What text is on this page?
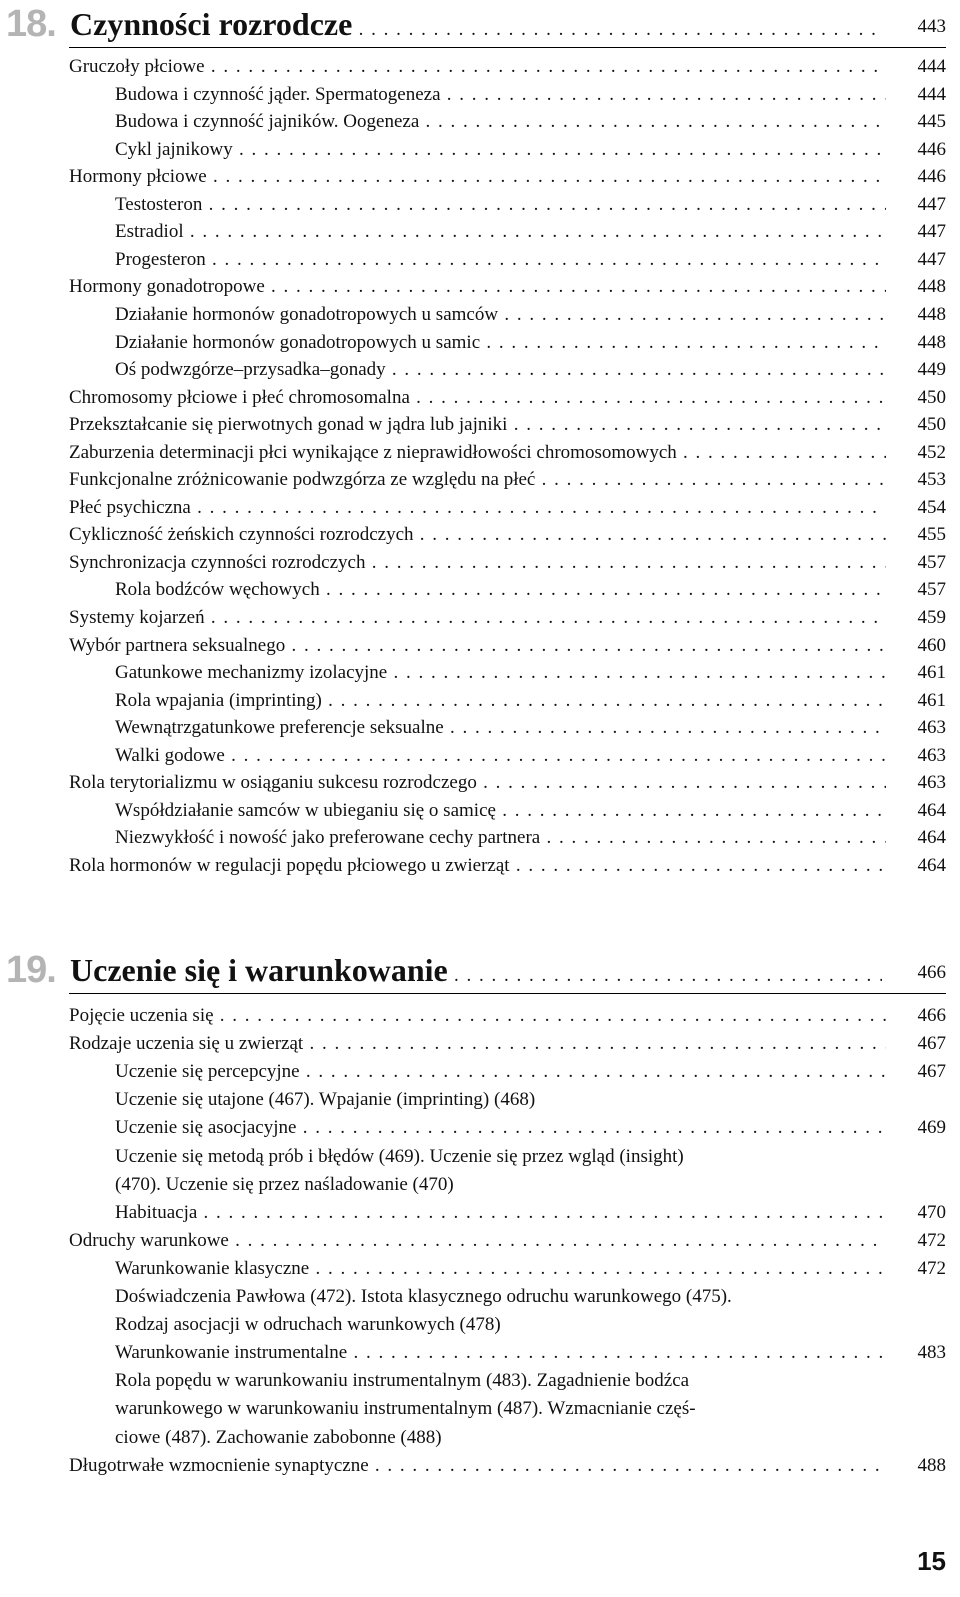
18. Czynności rozrodcze . . .	443
Gruczoły płciowe . . .	444
Budowa i czynność jąder. Spermatogeneza . . .	444
Budowa i czynność jajników. Oogeneza . . .	445
Cykl jajnikowy . . .	446
Hormony płciowe . . .	446
Testosteron . . .	447
Estradiol . . .	447
Progesteron . . .	447
Hormony gonadotropowe . . .	448
Działanie hormonów gonadotropowych u samców . . .	448
Działanie hormonów gonadotropowych u samic . . .	448
Oś podwzgórze–przysadka–gonady . . .	449
Chromosomy płciowe i płeć chromosomalna . . .	450
Przekształcanie się pierwotnych gonad w jądra lub jajniki . . .	450
Zaburzenia determinacji płci wynikające z nieprawidłowości chromosomowych . . .	452
Funkcjonalne zróżnicowanie podwzgórza ze względu na płeć . . .	453
Płeć psychiczna . . .	454
Cykliczność żeńskich czynności rozrodczych . . .	455
Synchronizacja czynności rozrodczych . . .	457
Rola bodźców węchowych . . .	457
Systemy kojarzeń . . .	459
Wybór partnera seksualnego . . .	460
Gatunkowe mechanizmy izolacyjne . . .	461
Rola wpajania (imprinting) . . .	461
Wewnątrzgatunkowe preferencje seksualne . . .	463
Walki godowe . . .	463
Rola terytorializmu w osiąganiu sukcesu rozrodczego . . .	463
Współdziałanie samców w ubieganiu się o samicę . . .	464
Niezwykłość i nowość jako preferowane cechy partnera . . .	464
Rola hormonów w regulacji popędu płciowego u zwierząt . . .	464
19. Uczenie się i warunkowanie . . .	466
Pojęcie uczenia się . . .	466
Rodzaje uczenia się u zwierząt . . .	467
Uczenie się percepcyjne . . .	467
Uczenie się utajone (467). Wpajanie (imprinting) (468)
Uczenie się asocjacyjne . . .	469
Uczenie się metodą prób i błędów (469). Uczenie się przez wgląd (insight)
(470). Uczenie się przez naśladowanie (470)
Habituacja . . .	470
Odruchy warunkowe . . .	472
Warunkowanie klasyczne . . .	472
Doświadczenia Pawłowa (472). Istota klasycznego odruchu warunkowego (475).
Rodzaj asocjacji w odruchach warunkowych (478)
Warunkowanie instrumentalne . . .	483
Rola popędu w warunkowaniu instrumentalnym (483). Zagadnienie bodźca
warunkowego w warunkowaniu instrumentalnym (487). Wzmacnianie częś-
ciowe (487). Zachowanie zabobonne (488)
Długotrwałe wzmocnienie synaptyczne . . .	488
15
